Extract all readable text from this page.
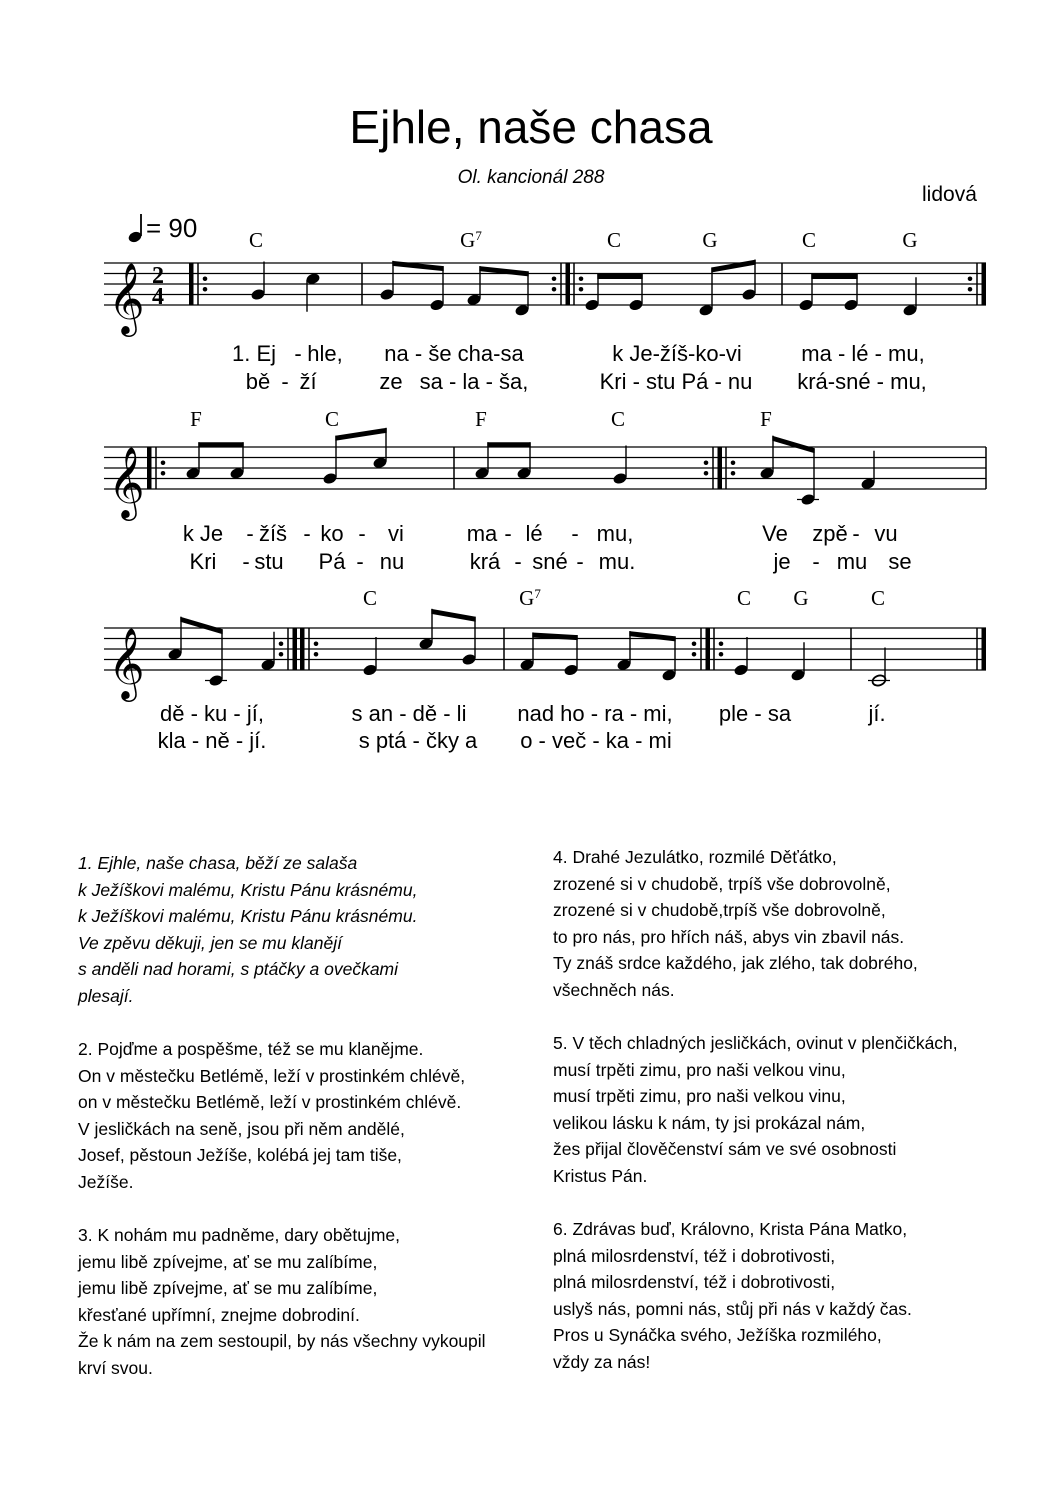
Ejhle, naše chasa
Ol. kancionál 288
lidová
= 90
𝄞
𝄞
𝄞
2
4
C	$G^7$	C	G	C	G
F	C	F	C	F
C	$G^7$	C G	C
1. Ej - hle, na - še cha-sa	k Je-žíš-ko-vi	ma - lé - mu,
bě - ží	ze sa - la - ša,	Kri - stu Pá - nu krá-sné - mu,
k Je - žíš - ko - vi	ma - lé - mu,	Ve zpě - vu
Kri - stu Pá - nu	krá - sné - mu.	je - mu se
dě - ku - jí,	s an - dě - li nad ho - ra - mi, ple - sa	jí.
kla - ně - jí.	s ptá - čky a o - več - ka - mi

1. Ejhle, naše chasa, běží ze salaša
k Ježíškovi malému, Kristu Pánu krásnému,
k Ježíškovi malému, Kristu Pánu krásnému.
Ve zpěvu děkuji, jen se mu klanějí
s anděli nad horami, s ptáčky a ovečkami
plesají.

2. Pojďme a pospěšme, též se mu klanějme.
On v městečku Betlémě, leží v prostinkém chlévě,
on v městečku Betlémě, leží v prostinkém chlévě.
V jesličkách na seně, jsou při něm andělé,
Josef, pěstoun Ježíše, kolébá jej tam tiše,
Ježíše.

3. K nohám mu padněme, dary obětujme,
jemu libě zpívejme, ať se mu zalíbíme,
jemu libě zpívejme, ať se mu zalíbíme,
křesťané upřímní, znejme dobrodiní.
Že k nám na zem sestoupil, by nás všechny vykoupil
krví svou.

4. Drahé Jezulátko, rozmilé Děťátko,
zrozené si v chudobě, trpíš vše dobrovolně,
zrozené si v chudobě,trpíš vše dobrovolně,
to pro nás, pro hřích náš, abys vin zbavil nás.
Ty znáš srdce každého, jak zlého, tak dobrého,
všechněch nás.

5. V těch chladných jesličkách, ovinut v plenčičkách,
musí trpěti zimu, pro naši velkou vinu,
musí trpěti zimu, pro naši velkou vinu,
velikou lásku k nám, ty jsi prokázal nám,
žes přijal člověčenství sám ve své osobnosti
Kristus Pán.

6. Zdrávas buď, Královno, Krista Pána Matko,
plná milosrdenství, též i dobrotivosti,
plná milosrdenství, též i dobrotivosti,
uslyš nás, pomni nás, stůj při nás v každý čas.
Pros u Synáčka svého, Ježíška rozmilého,
vždy za nás!
